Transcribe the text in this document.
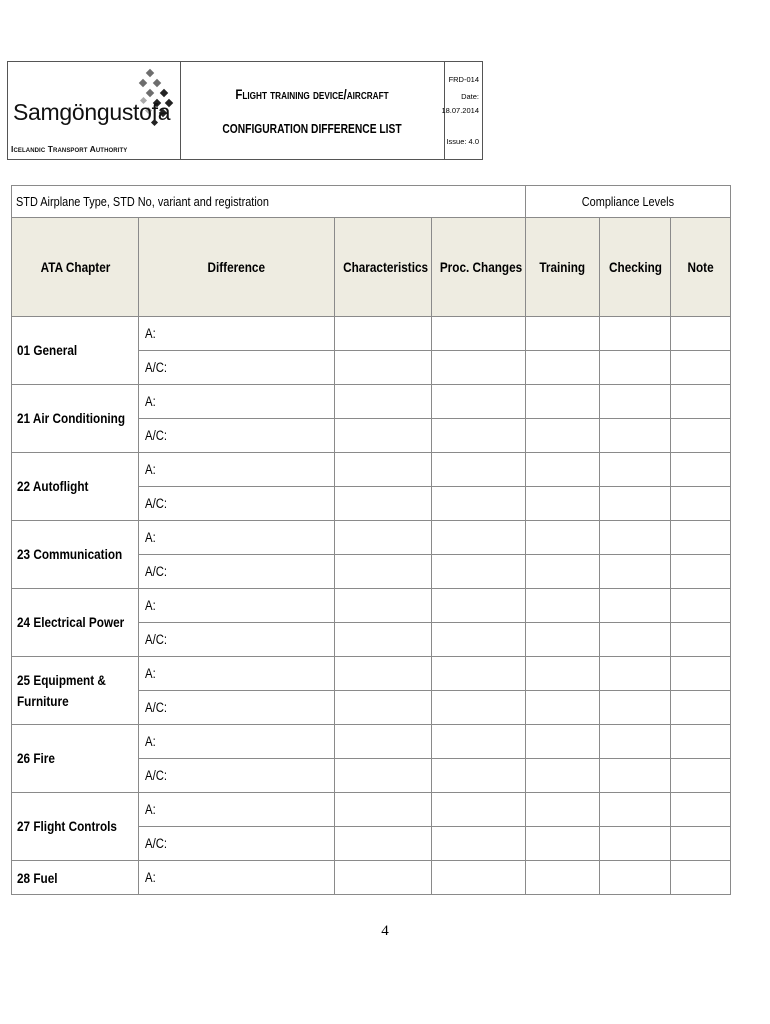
Samgöngustofa
Icelandic Transport Authority
Flight training device/aircraft
CONFIGURATION DIFFERENCE LIST
FRD-014
Date:
18.07.2014
Issue: 4.0
STD Airplane Type, STD No, variant and registration				Compliance Levels		
ATA Chapter	Difference	Characteristics	Proc. Changes	Training	Checking	Note
01 General	A:					
	A/C:					
21 Air Conditioning	A:					
	A/C:					
22 Autoflight	A:					
	A/C:					
23 Communication	A:					
	A/C:					
24 Electrical Power	A:					
	A/C:					
25 Equipment & Furniture	A:					
	A/C:					
26 Fire	A:					
	A/C:					
27 Flight Controls	A:					
	A/C:					
28 Fuel	A:					
4
